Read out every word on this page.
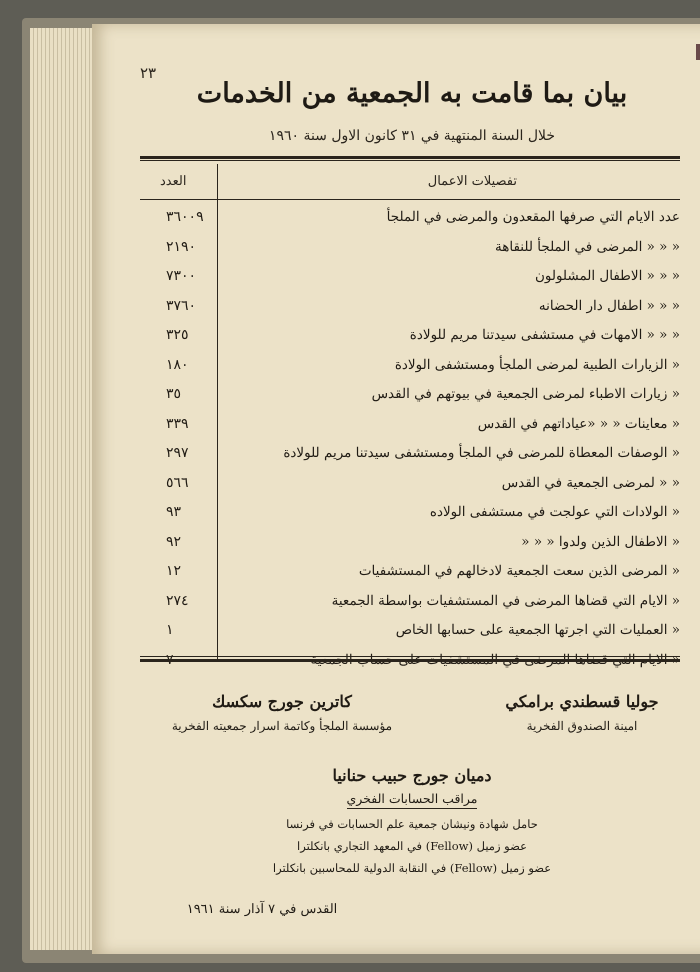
٢٣
بيان بما قامت به الجمعية من الخدمات
خلال السنة المنتهية في ٣١ كانون الاول سنة ١٩٦٠
تفصيلات الاعمال
العدد
عدد الايام التي صرفها المقعدون والمرضى في الملجأ
٣٦٠٠٩
« « « المرضى في الملجأ للنقاهة
٢١٩٠
« « « الاطفال المشلولون
٧٣٠٠
« « « اطفال دار الحضانه
٣٧٦٠
« « « الامهات في مستشفى سيدتنا مريم للولادة
٣٢٥
« الزيارات الطبية لمرضى الملجأ ومستشفى الولادة
١٨٠
« زيارات الاطباء لمرضى الجمعية في بيوتهم في القدس
٣٥
« معاينات « « «عياداتهم في القدس
٣٣٩
« الوصفات المعطاة للمرضى في الملجأ ومستشفى سيدتنا مريم للولادة
٢٩٧
« « لمرضى الجمعية في القدس
٥٦٦
« الولادات التي عولجت في مستشفى الولاده
٩٣
« الاطفال الذين ولدوا « « «
٩٢
« المرضى الذين سعت الجمعية لادخالهم في المستشفيات
١٢
« الايام التي قضاها المرضى في المستشفيات بواسطة الجمعية
٢٧٤
« العمليات التي اجرتها الجمعية على حسابها الخاص
١
جوليا قسطندي برامكي
امينة الصندوق الفخرية
كاترين جورج سكسك
مؤسسة الملجأ وكاتمة اسرار جمعيته الفخرية
دميان جورج حبيب حنانيا
مراقب الحسابات الفخري
حامل شهادة ونيشان جمعية علم الحسابات في فرنسا
عضو زميل (Fellow) في المعهد التجاري بانكلترا
عضو زميل (Fellow) في النقابة الدولية للمحاسبين بانكلترا
القدس في ٧ آذار سنة ١٩٦١
